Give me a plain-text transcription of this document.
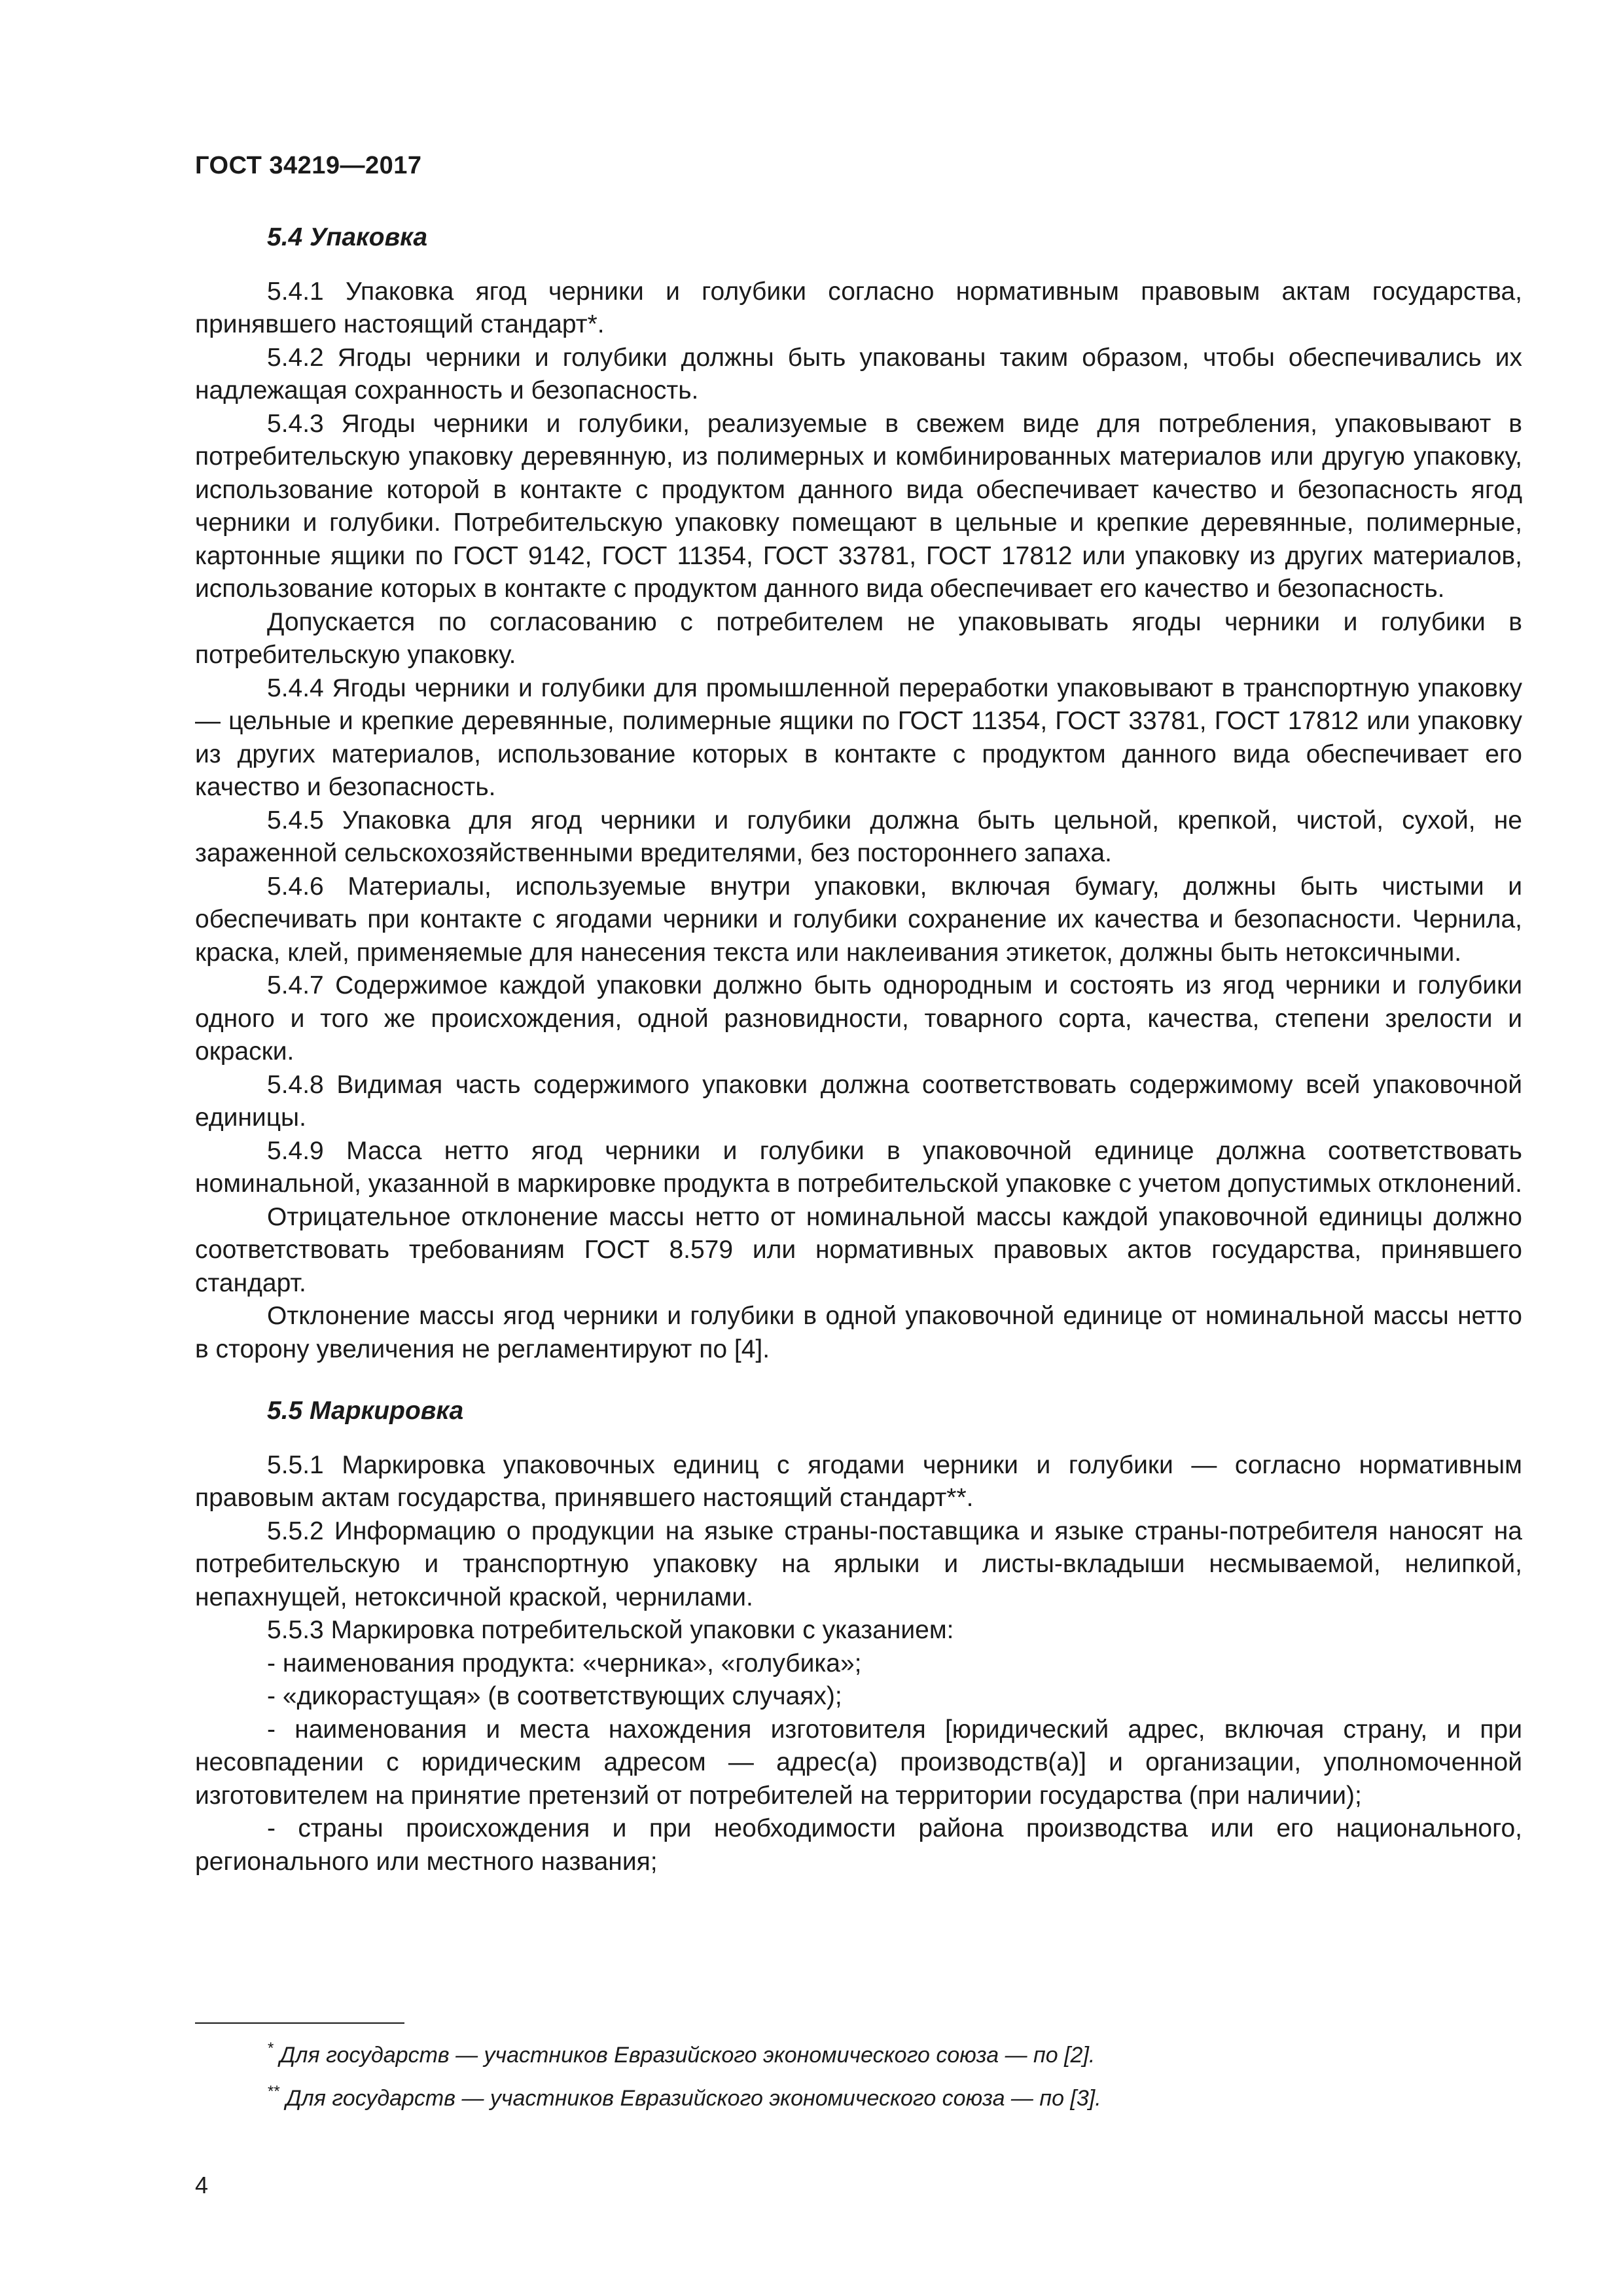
ГОСТ 34219—2017

5.4 Упаковка

5.4.1 Упаковка ягод черники и голубики согласно нормативным правовым актам государства, принявшего настоящий стандарт*.

5.4.2 Ягоды черники и голубики должны быть упакованы таким образом, чтобы обеспечивались их надлежащая сохранность и безопасность.

5.4.3 Ягоды черники и голубики, реализуемые в свежем виде для потребления, упаковывают в потребительскую упаковку деревянную, из полимерных и комбинированных материалов или другую упаковку, использование которой в контакте с продуктом данного вида обеспечивает качество и безопасность ягод черники и голубики. Потребительскую упаковку помещают в цельные и крепкие деревянные, полимерные, картонные ящики по ГОСТ 9142, ГОСТ 11354, ГОСТ 33781, ГОСТ 17812 или упаковку из других материалов, использование которых в контакте с продуктом данного вида обеспечивает его качество и безопасность.

Допускается по согласованию с потребителем не упаковывать ягоды черники и голубики в потребительскую упаковку.

5.4.4 Ягоды черники и голубики для промышленной переработки упаковывают в транспортную упаковку — цельные и крепкие деревянные, полимерные ящики по ГОСТ 11354, ГОСТ 33781, ГОСТ 17812 или упаковку из других материалов, использование которых в контакте с продуктом данного вида обеспечивает его качество и безопасность.

5.4.5 Упаковка для ягод черники и голубики должна быть цельной, крепкой, чистой, сухой, не зараженной сельскохозяйственными вредителями, без постороннего запаха.

5.4.6 Материалы, используемые внутри упаковки, включая бумагу, должны быть чистыми и обеспечивать при контакте с ягодами черники и голубики сохранение их качества и безопасности. Чернила, краска, клей, применяемые для нанесения текста или наклеивания этикеток, должны быть нетоксичными.

5.4.7 Содержимое каждой упаковки должно быть однородным и состоять из ягод черники и голубики одного и того же происхождения, одной разновидности, товарного сорта, качества, степени зрелости и окраски.

5.4.8 Видимая часть содержимого упаковки должна соответствовать содержимому всей упаковочной единицы.

5.4.9 Масса нетто ягод черники и голубики в упаковочной единице должна соответствовать номинальной, указанной в маркировке продукта в потребительской упаковке с учетом допустимых отклонений.

Отрицательное отклонение массы нетто от номинальной массы каждой упаковочной единицы должно соответствовать требованиям ГОСТ 8.579 или нормативных правовых актов государства, принявшего стандарт.

Отклонение массы ягод черники и голубики в одной упаковочной единице от номинальной массы нетто в сторону увеличения не регламентируют по [4].

5.5 Маркировка

5.5.1 Маркировка упаковочных единиц с ягодами черники и голубики — согласно нормативным правовым актам государства, принявшего настоящий стандарт**.

5.5.2 Информацию о продукции на языке страны-поставщика и языке страны-потребителя наносят на потребительскую и транспортную упаковку на ярлыки и листы-вкладыши несмываемой, нелипкой, непахнущей, нетоксичной краской, чернилами.

5.5.3 Маркировка потребительской упаковки с указанием:

- наименования продукта: «черника», «голубика»;

- «дикорастущая» (в соответствующих случаях);

- наименования и места нахождения изготовителя [юридический адрес, включая страну, и при несовпадении с юридическим адресом — адрес(а) производств(а)] и организации, уполномоченной изготовителем на принятие претензий от потребителей на территории государства (при наличии);

- страны происхождения и при необходимости района производства или его национального, регионального или местного названия;

* Для государств — участников Евразийского экономического союза — по [2].

** Для государств — участников Евразийского экономического союза — по [3].

4
